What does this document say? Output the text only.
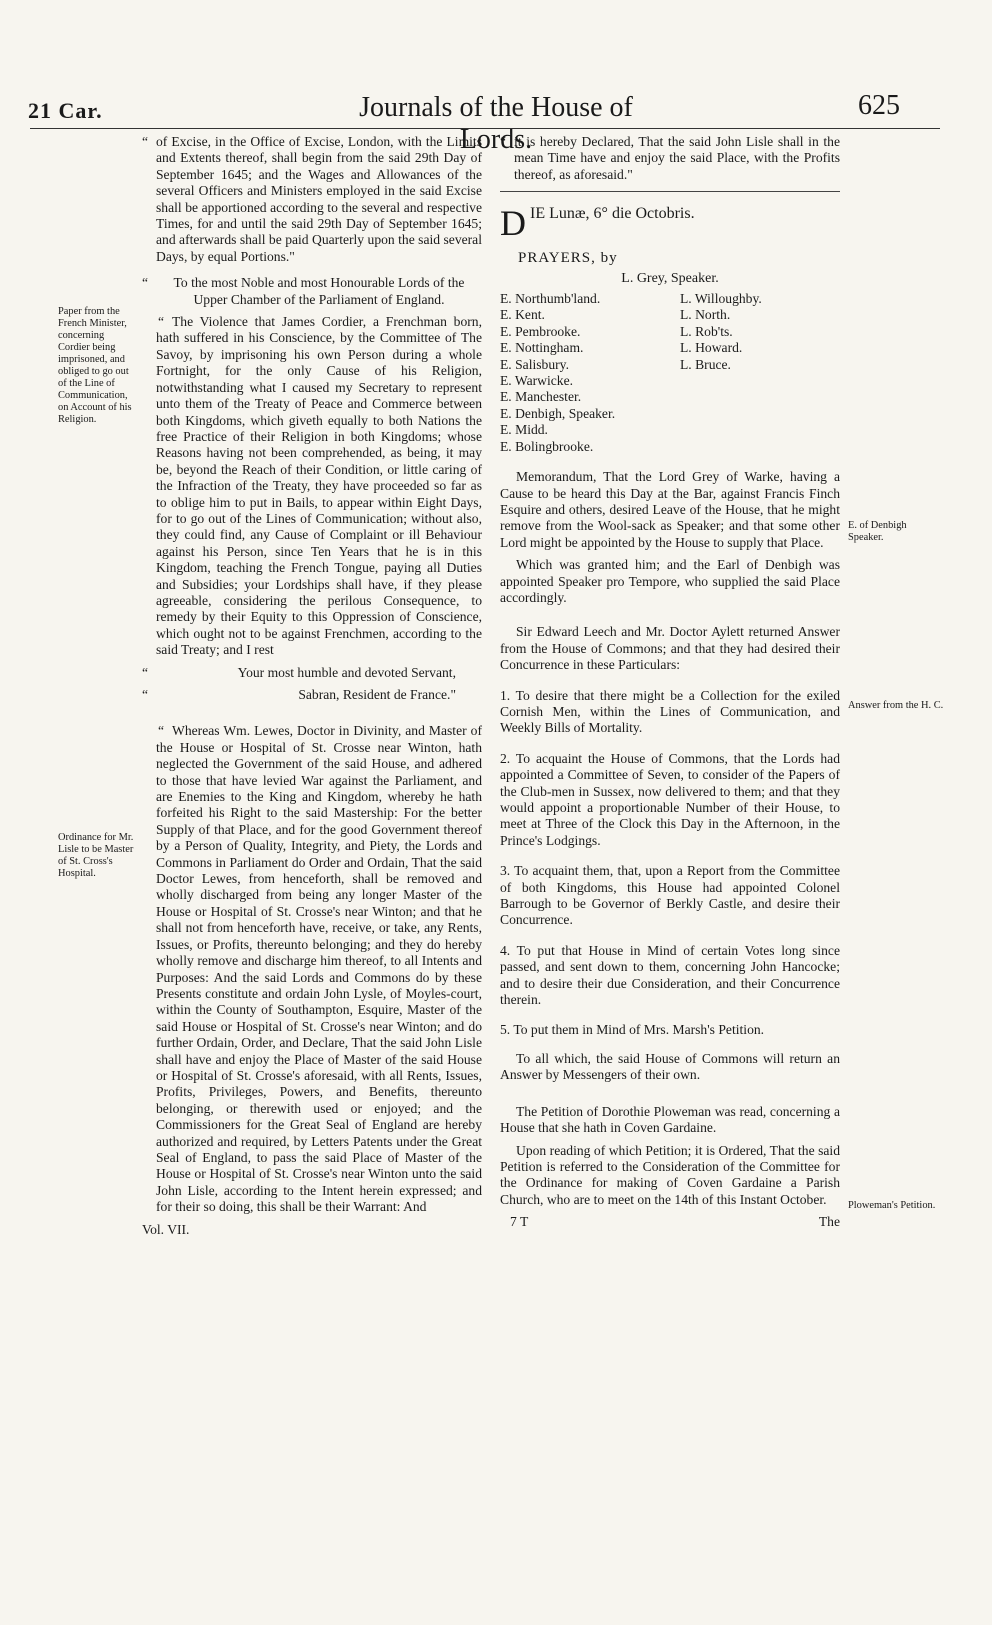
21 Car.	Journals of the House of Lords.
625
Paper from the French Minister, concerning Cordier being imprisoned, and obliged to go out of the Line of Communication, on Account of his Religion.
Ordinance for Mr. Lisle to be Master of St. Cross's Hospital.
E. of Denbigh Speaker.
Answer from the H. C.
Ploweman's Petition.

“ of Excise, in the Office of Excise, London, with the Limits and Extents thereof, shall begin from the said 29th Day of September 1645; and the Wages and Allowances of the several Officers and Ministers employed in the said Excise shall be apportioned according to the several and respective Times, for and until the said 29th Day of September 1645; and afterwards shall be paid Quarterly upon the said several Days, by equal Portions."

“ To the most Noble and most Honourable Lords of the Upper Chamber of the Parliament of England.

“ The Violence that James Cordier, a Frenchman born, hath suffered in his Conscience, by the Committee of The Savoy, by imprisoning his own Person during a whole Fortnight, for the only Cause of his Religion, notwithstanding what I caused my Secretary to represent unto them of the Treaty of Peace and Commerce between both Kingdoms, which giveth equally to both Nations the free Practice of their Religion in both Kingdoms; whose Reasons having not been comprehended, as being, it may be, beyond the Reach of their Condition, or little caring of the Infraction of the Treaty, they have proceeded so far as to oblige him to put in Bails, to appear within Eight Days, for to go out of the Lines of Communication; without also, they could find, any Cause of Complaint or ill Behaviour against his Person, since Ten Years that he is in this Kingdom, teaching the French Tongue, paying all Duties and Subsidies; your Lordships shall have, if they please agreeable, considering the perilous Consequence, to remedy by their Equity to this Oppression of Conscience, which ought not to be against Frenchmen, according to the said Treaty; and I rest

“ Your most humble and devoted Servant,

“ Sabran, Resident de France."

“ Whereas Wm. Lewes, Doctor in Divinity, and Master of the House or Hospital of St. Crosse near Winton, hath neglected the Government of the said House, and adhered to those that have levied War against the Parliament, and are Enemies to the King and Kingdom, whereby he hath forfeited his Right to the said Mastership: For the better Supply of that Place, and for the good Government thereof by a Person of Quality, Integrity, and Piety, the Lords and Commons in Parliament do Order and Ordain, That the said Doctor Lewes, from henceforth, shall be removed and wholly discharged from being any longer Master of the House or Hospital of St. Crosse's near Winton; and that he shall not from henceforth have, receive, or take, any Rents, Issues, or Profits, thereunto belonging; and they do hereby wholly remove and discharge him thereof, to all Intents and Purposes: And the said Lords and Commons do by these Presents constitute and ordain John Lysle, of Moyles-court, within the County of Southampton, Esquire, Master of the said House or Hospital of St. Crosse's near Winton; and do further Ordain, Order, and Declare, That the said John Lisle shall have and enjoy the Place of Master of the said House or Hospital of St. Crosse's aforesaid, with all Rents, Issues, Profits, Privileges, Powers, and Benefits, thereunto belonging, or therewith used or enjoyed; and the Commissioners for the Great Seal of England are hereby authorized and required, by Letters Patents under the Great Seal of England, to pass the said Place of Master of the House or Hospital of St. Crosse's near Winton unto the said John Lisle, according to the Intent herein expressed; and for their so doing, this shall be their Warrant: And

Vol. VII.

“ it is hereby Declared, That the said John Lisle shall in the mean Time have and enjoy the said Place, with the Profits thereof, as aforesaid."

D IE Lunæ, 6° die Octobris.
PRAYERS, by
L. Grey, Speaker.
E. Northumb'land.
E. Kent.
E. Pembrooke.
E. Nottingham.
E. Salisbury.
E. Warwicke.
E. Manchester.
E. Denbigh, Speaker.
E. Midd.
E. Bolingbrooke.
L. Willoughby.
L. North.
L. Rob'ts.
L. Howard.
L. Bruce.

Memorandum, That the Lord Grey of Warke, having a Cause to be heard this Day at the Bar, against Francis Finch Esquire and others, desired Leave of the House, that he might remove from the Wool-sack as Speaker; and that some other Lord might be appointed by the House to supply that Place.

Which was granted him; and the Earl of Denbigh was appointed Speaker pro Tempore, who supplied the said Place accordingly.

Sir Edward Leech and Mr. Doctor Aylett returned Answer from the House of Commons; and that they had desired their Concurrence in these Particulars:

1. To desire that there might be a Collection for the exiled Cornish Men, within the Lines of Communication, and Weekly Bills of Mortality.

2. To acquaint the House of Commons, that the Lords had appointed a Committee of Seven, to consider of the Papers of the Club-men in Sussex, now delivered to them; and that they would appoint a proportionable Number of their House, to meet at Three of the Clock this Day in the Afternoon, in the Prince's Lodgings.

3. To acquaint them, that, upon a Report from the Committee of both Kingdoms, this House had appointed Colonel Barrough to be Governor of Berkly Castle, and desire their Concurrence.

4. To put that House in Mind of certain Votes long since passed, and sent down to them, concerning John Hancocke; and to desire their due Consideration, and their Concurrence therein.

5. To put them in Mind of Mrs. Marsh's Petition.

To all which, the said House of Commons will return an Answer by Messengers of their own.

The Petition of Dorothie Ploweman was read, concerning a House that she hath in Coven Gardaine.

Upon reading of which Petition; it is Ordered, That the said Petition is referred to the Consideration of the Committee for the Ordinance for making of Coven Gardaine a Parish Church, who are to meet on the 14th of this Instant October.

7 T	The
